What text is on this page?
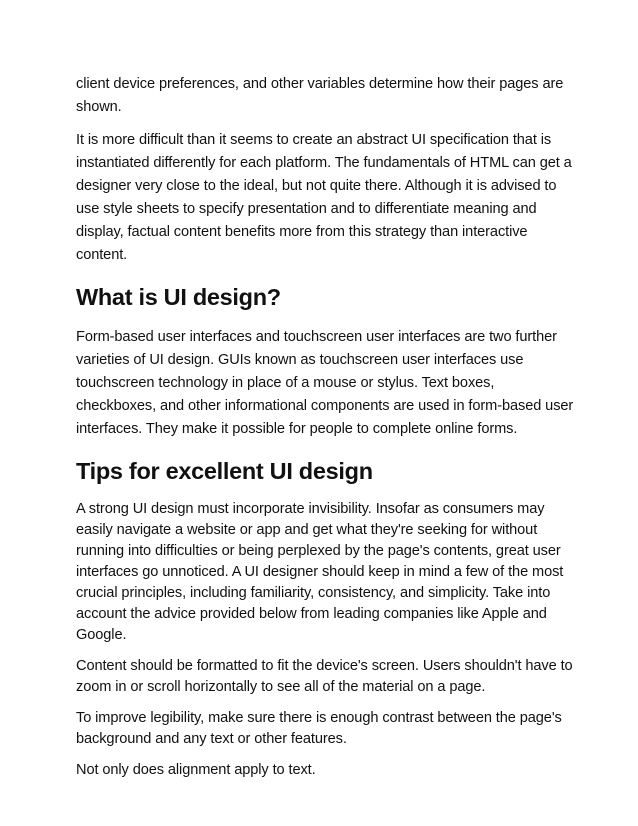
client device preferences, and other variables determine how their pages are shown.

It is more difficult than it seems to create an abstract UI specification that is instantiated differently for each platform. The fundamentals of HTML can get a designer very close to the ideal, but not quite there. Although it is advised to use style sheets to specify presentation and to differentiate meaning and display, factual content benefits more from this strategy than interactive content.

What is UI design?

Form-based user interfaces and touchscreen user interfaces are two further varieties of UI design. GUIs known as touchscreen user interfaces use touchscreen technology in place of a mouse or stylus. Text boxes, checkboxes, and other informational components are used in form-based user interfaces. They make it possible for people to complete online forms.

Tips for excellent UI design

A strong UI design must incorporate invisibility. Insofar as consumers may easily navigate a website or app and get what they're seeking for without running into difficulties or being perplexed by the page's contents, great user interfaces go unnoticed. A UI designer should keep in mind a few of the most crucial principles, including familiarity, consistency, and simplicity. Take into account the advice provided below from leading companies like Apple and Google.

Content should be formatted to fit the device's screen. Users shouldn't have to zoom in or scroll horizontally to see all of the material on a page.

To improve legibility, make sure there is enough contrast between the page's background and any text or other features.

Not only does alignment apply to text.
